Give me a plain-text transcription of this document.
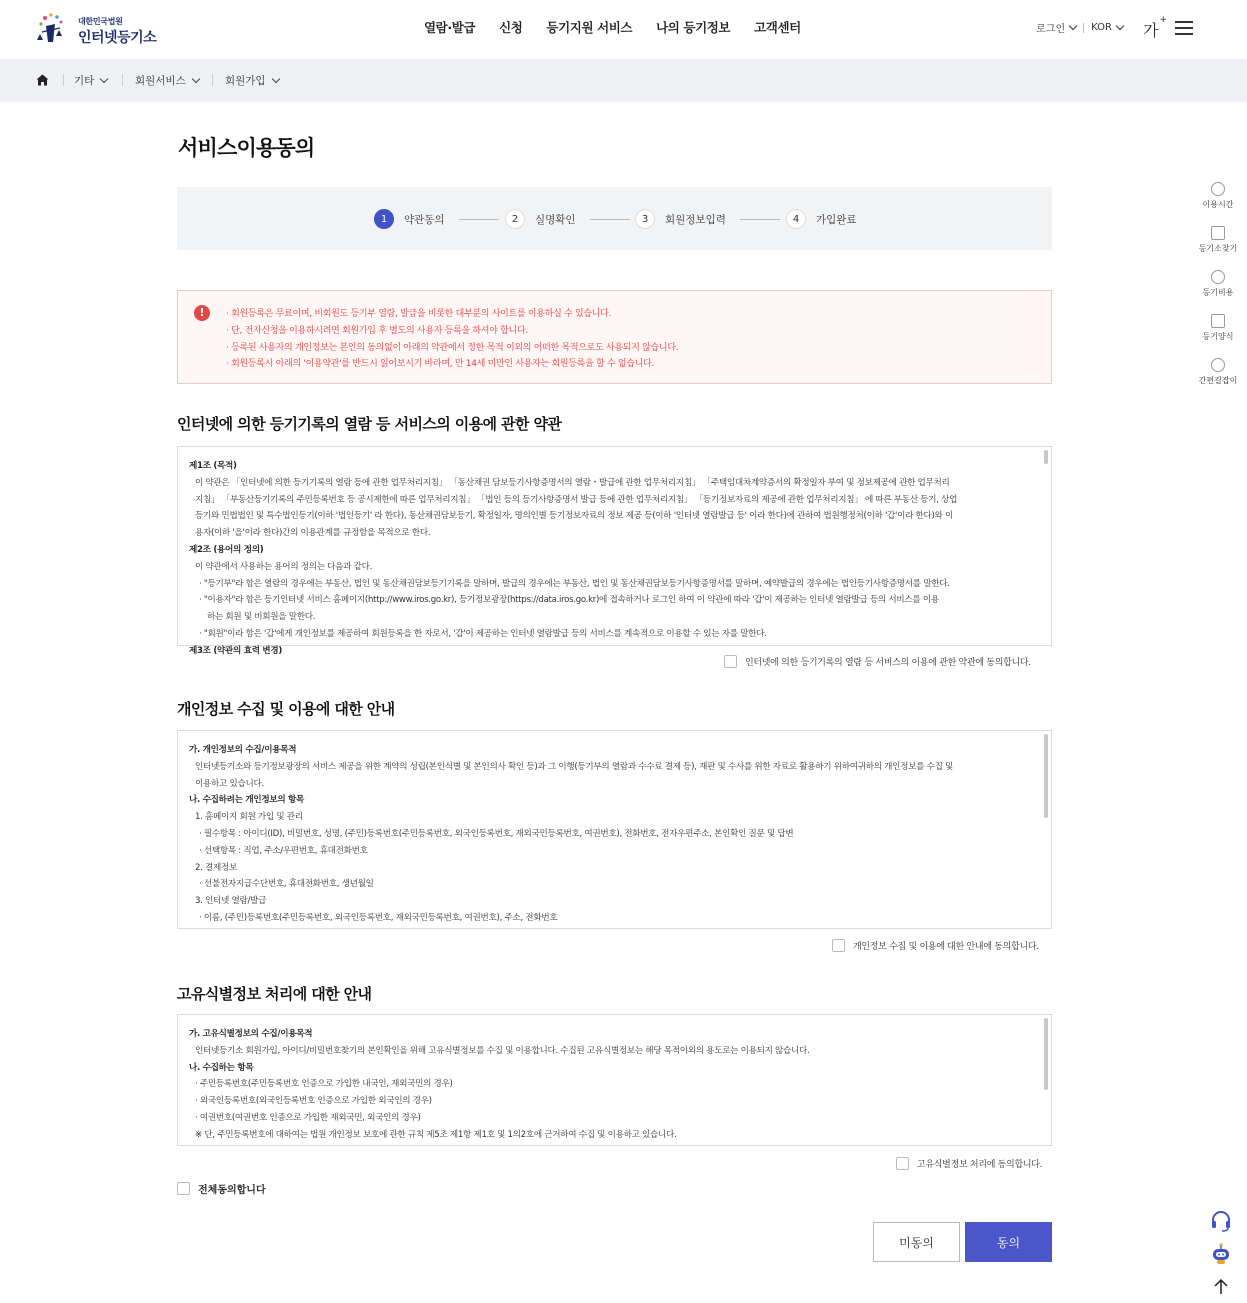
대한민국법원
인터넷등기소
열람·발급 신청 등기지원 서비스 나의 등기정보 고객센터	로그인	KOR 가+
기타	회원서비스	회원가입
서비스이용동의
1	약관동의	2	실명확인	3	회원정보입력	4	가입완료
!	· 회원등록은 무료이며, 비회원도 등기부 열람, 발급을 비롯한 대부분의 사이트를 이용하실 수 있습니다.
· 단, 전자신청을 이용하시려면 회원가입 후 별도의 사용자 등록을 하셔야 합니다.
· 등록된 사용자의 개인정보는 본인의 동의없이 아래의 약관에서 정한 목적 이외의 어떠한 목적으로도 사용되지 않습니다.
· 회원등록시 아래의 '이용약관'를 반드시 읽어보시기 바라며, 만 14세 미만인 사용자는 회원등록을 할 수 없습니다.
인터넷에 의한 등기기록의 열람 등 서비스의 이용에 관한 약관
제1조 (목적)
이 약관은 「인터넷에 의한 등기기록의 열람 등에 관한 업무처리지침」 「동산채권 담보등기사항증명서의 열람・발급에 관한 업무처리지침」 「주택임대차계약증서의 확정일자 부여 및 정보제공에 관한 업무처리
지침」 「부동산등기기록의 주민등록번호 등 공시제한에 따른 업무처리지침」 「법인 등의 등기사항증명서 발급 등에 관한 업무처리지침」 「등기정보자료의 제공에 관한 업무처리지침」 에 따른 부동산 등기, 상업
등기와 민법법인 및 특수법인등기(이하 '법인등기' 라 한다), 동산채권담보등기, 확정일자, 명의인별 등기정보자료의 정보 제공 등(이하 '인터넷 열람발급 등' 이라 한다)에 관하여 법원행정처(이하 '갑'이라 한다)와 이
용자(이하 '을'이라 한다)간의 이용관계를 규정함을 목적으로 한다.
제2조 (용어의 정의)
이 약관에서 사용하는 용어의 정의는 다음과 같다.
· "등기부"라 함은 열람의 경우에는 부동산, 법인 및 동산채권담보등기기록을 말하며, 발급의 경우에는 부동산, 법인 및 동산채권담보등기사항증명서를 말하며, 예약발급의 경우에는 법인등기사항증명서를 말한다.
· "이용자"라 함은 등기인터넷 서비스 홈페이지(http://www.iros.go.kr), 등기정보광장(https://data.iros.go.kr)에 접속하거나 로그인 하여 이 약관에 따라 '갑'이 제공하는 인터넷 열람발급 등의 서비스를 이용
하는 회원 및 비회원을 말한다.
· "회원"이라 함은 '갑'에게 개인정보를 제공하여 회원등록을 한 자로서, '갑'이 제공하는 인터넷 열람발급 등의 서비스를 계속적으로 이용할 수 있는 자를 말한다.
제3조 (약관의 효력 변경)
인터넷에 의한 등기기록의 열람 등 서비스의 이용에 관한 약관에 동의합니다.
개인정보 수집 및 이용에 대한 안내
가. 개인정보의 수집/이용목적
인터넷등기소와 등기정보광장의 서비스 제공을 위한 계약의 성립(본인식별 및 본인의사 확인 등)과 그 이행(등기부의 열람과 수수료 결제 등), 재판 및 수사를 위한 자료로 활용하기 위하여귀하의 개인정보를 수집 및
이용하고 있습니다.
나. 수집하려는 개인정보의 항목
1. 홈페이지 회원 가입 및 관리
· 필수항목 : 아이디(ID), 비밀번호, 성명, (주민)등록번호(주민등록번호, 외국인등록번호, 재외국민등록번호, 여권번호), 전화번호, 전자우편주소, 본인확인 질문 및 답변
· 선택항목 : 직업, 주소/우편번호, 휴대전화번호
2. 결제정보
· 선불전자지급수단번호, 휴대전화번호, 생년월일
3. 인터넷 열람/발급
· 이름, (주민)등록번호(주민등록번호, 외국인등록번호, 재외국민등록번호, 여권번호), 주소, 전화번호
개인정보 수집 및 이용에 대한 안내에 동의합니다.
고유식별정보 처리에 대한 안내
가. 고유식별정보의 수집/이용목적
인터넷등기소 회원가입, 아이디/비밀번호찾기의 본인확인을 위해 고유식별정보를 수집 및 이용합니다. 수집된 고유식별정보는 해당 목적이외의 용도로는 이용되지 않습니다.
나. 수집하는 항목
· 주민등록번호(주민등록번호 인증으로 가입한 내국인, 재외국민의 경우)
· 외국인등록번호(외국인등록번호 인증으로 가입한 외국인의 경우)
· 여권번호(여권번호 인증으로 가입한 재외국민, 외국인의 경우)
※ 단, 주민등록번호에 대하여는 법원 개인정보 보호에 관한 규칙 제5조 제1항 제1호 및 1의2호에 근거하여 수집 및 이용하고 있습니다.
고유식별정보 처리에 동의합니다.
전체동의합니다
미동의	동의
이용시간
등기소찾기
등기비용
등기양식
간편길잡이
